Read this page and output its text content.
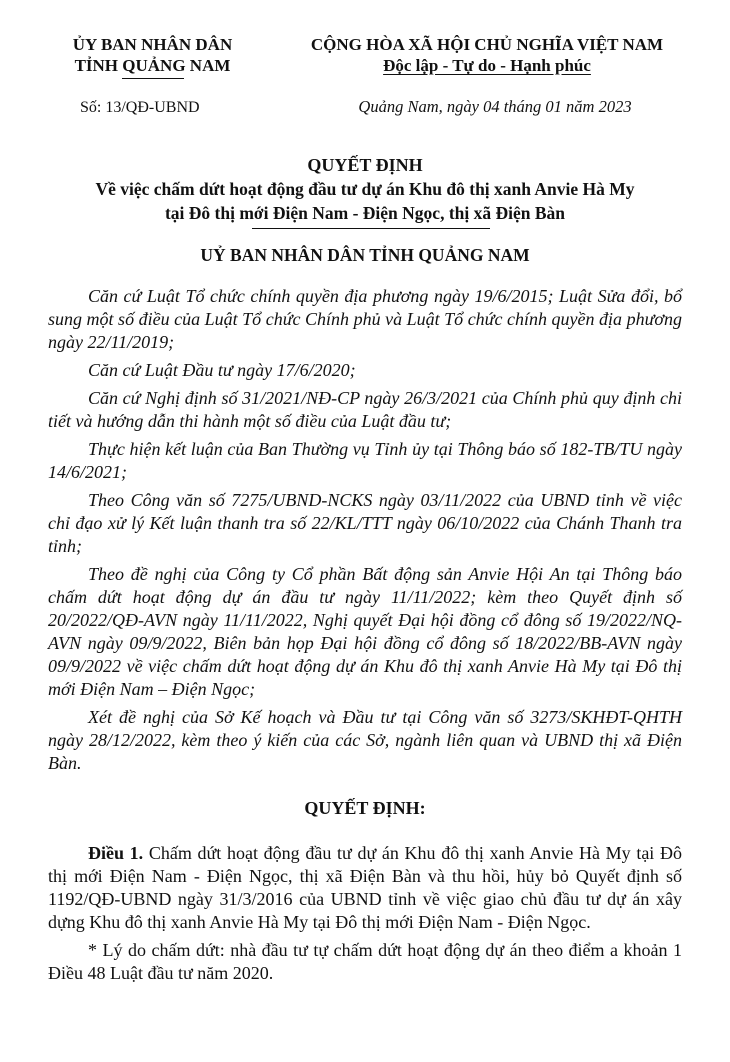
ỦY BAN NHÂN DÂN
TỈNH QUẢNG NAM
CỘNG HÒA XÃ HỘI CHỦ NGHĨA VIỆT NAM
Độc lập - Tự do - Hạnh phúc
Số: 13/QĐ-UBND	Quảng Nam, ngày 04 tháng 01 năm 2023
QUYẾT ĐỊNH
Về việc chấm dứt hoạt động đầu tư dự án Khu đô thị xanh Anvie Hà My
tại Đô thị mới Điện Nam - Điện Ngọc, thị xã Điện Bàn
UỶ BAN NHÂN DÂN TỈNH QUẢNG NAM

Căn cứ Luật Tổ chức chính quyền địa phương ngày 19/6/2015; Luật Sửa đổi, bổ sung một số điều của Luật Tổ chức Chính phủ và Luật Tổ chức chính quyền địa phương ngày 22/11/2019;

Căn cứ Luật Đầu tư ngày 17/6/2020;

Căn cứ Nghị định số 31/2021/NĐ-CP ngày 26/3/2021 của Chính phủ quy định chi tiết và hướng dẫn thi hành một số điều của Luật đầu tư;

Thực hiện kết luận của Ban Thường vụ Tỉnh ủy tại Thông báo số 182-TB/TU ngày 14/6/2021;

Theo Công văn số 7275/UBND-NCKS ngày 03/11/2022 của UBND tỉnh về việc chỉ đạo xử lý Kết luận thanh tra số 22/KL/TTT ngày 06/10/2022 của Chánh Thanh tra tỉnh;

Theo đề nghị của Công ty Cổ phần Bất động sản Anvie Hội An tại Thông báo chấm dứt hoạt động dự án đầu tư ngày 11/11/2022; kèm theo Quyết định số 20/2022/QĐ-AVN ngày 11/11/2022, Nghị quyết Đại hội đồng cổ đông số 19/2022/NQ-AVN ngày 09/9/2022, Biên bản họp Đại hội đồng cổ đông số 18/2022/BB-AVN ngày 09/9/2022 về việc chấm dứt hoạt động dự án Khu đô thị xanh Anvie Hà My tại Đô thị mới Điện Nam – Điện Ngọc;

Xét đề nghị của Sở Kế hoạch và Đầu tư tại Công văn số 3273/SKHĐT-QHTH ngày 28/12/2022, kèm theo ý kiến của các Sở, ngành liên quan và UBND thị xã Điện Bàn.

QUYẾT ĐỊNH:

Điều 1. Chấm dứt hoạt động đầu tư dự án Khu đô thị xanh Anvie Hà My tại Đô thị mới Điện Nam - Điện Ngọc, thị xã Điện Bàn và thu hồi, hủy bỏ Quyết định số 1192/QĐ-UBND ngày 31/3/2016 của UBND tỉnh về việc giao chủ đầu tư dự án xây dựng Khu đô thị xanh Anvie Hà My tại Đô thị mới Điện Nam - Điện Ngọc.

* Lý do chấm dứt: nhà đầu tư tự chấm dứt hoạt động dự án theo điểm a khoản 1 Điều 48 Luật đầu tư năm 2020.
